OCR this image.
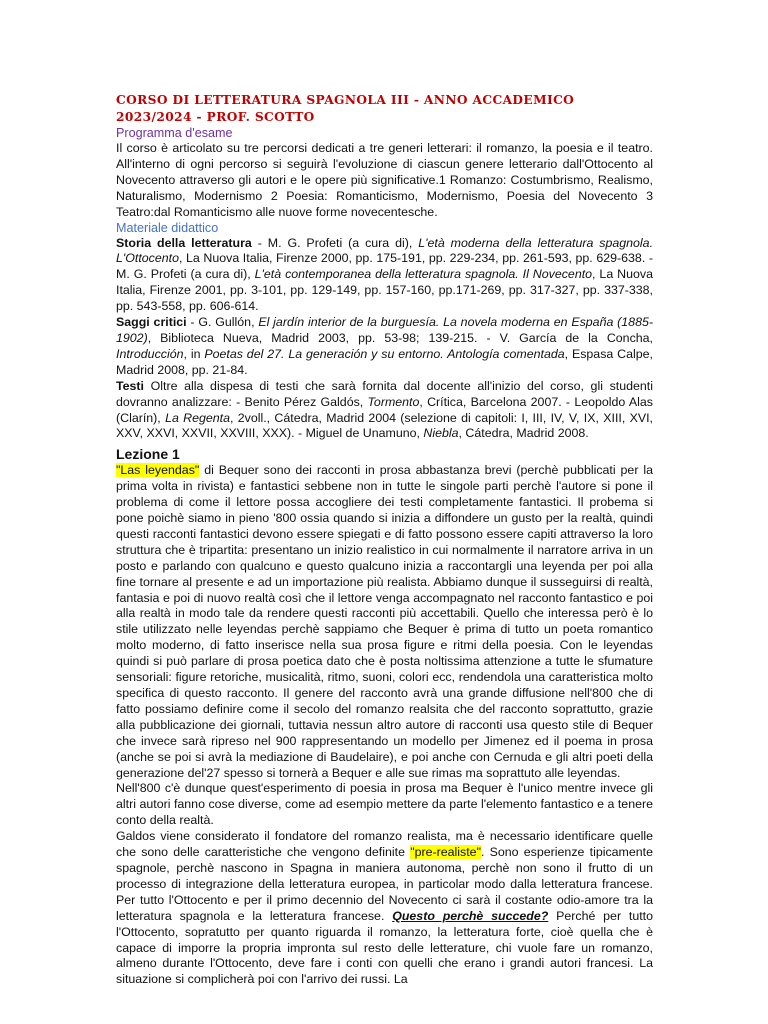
CORSO DI LETTERATURA SPAGNOLA III - ANNO ACCADEMICO 2023/2024 - PROF. SCOTTO
Programma d'esame

Il corso è articolato su tre percorsi dedicati a tre generi letterari: il romanzo, la poesia e il teatro. All'interno di ogni percorso si seguirà l'evoluzione di ciascun genere letterario dall'Ottocento al Novecento attraverso gli autori e le opere più significative.1 Romanzo: Costumbrismo, Realismo, Naturalismo, Modernismo 2 Poesia: Romanticismo, Modernismo, Poesia del Novecento 3 Teatro:dal Romanticismo alle nuove forme novecentesche.

Materiale didattico

Storia della letteratura - M. G. Profeti (a cura di), L'età moderna della letteratura spagnola. L'Ottocento, La Nuova Italia, Firenze 2000, pp. 175-191, pp. 229-234, pp. 261-593, pp. 629-638. - M. G. Profeti (a cura di), L'età contemporanea della letteratura spagnola. Il Novecento, La Nuova Italia, Firenze 2001, pp. 3-101, pp. 129-149, pp. 157-160, pp.171-269, pp. 317-327, pp. 337-338, pp. 543-558, pp. 606-614.

Saggi critici - G. Gullón, El jardín interior de la burguesía. La novela moderna en España (1885-1902), Biblioteca Nueva, Madrid 2003, pp. 53-98; 139-215. - V. García de la Concha, Introducción, in Poetas del 27. La generación y su entorno. Antología comentada, Espasa Calpe, Madrid 2008, pp. 21-84.

Testi Oltre alla dispesa di testi che sarà fornita dal docente all'inizio del corso, gli studenti dovranno analizzare: - Benito Pérez Galdós, Tormento, Crítica, Barcelona 2007. - Leopoldo Alas (Clarín), La Regenta, 2voll., Cátedra, Madrid 2004 (selezione di capitoli: I, III, IV, V, IX, XIII, XVI, XXV, XXVI, XXVII, XXVIII, XXX). - Miguel de Unamuno, Niebla, Cátedra, Madrid 2008.

Lezione 1

"Las leyendas" di Bequer sono dei racconti in prosa abbastanza brevi (perchè pubblicati per la prima volta in rivista) e fantastici sebbene non in tutte le singole parti perchè l'autore si pone il problema di come il lettore possa accogliere dei testi completamente fantastici. Il probema si pone poichè siamo in pieno '800 ossia quando si inizia a diffondere un gusto per la realtà, quindi questi racconti fantastici devono essere spiegati e di fatto possono essere capiti attraverso la loro struttura che è tripartita: presentano un inizio realistico in cui normalmente il narratore arriva in un posto e parlando con qualcuno e questo qualcuno inizia a raccontargli una leyenda per poi alla fine tornare al presente e ad un importazione più realista. Abbiamo dunque il susseguirsi di realtà, fantasia e poi di nuovo realtà così che il lettore venga accompagnato nel racconto fantastico e poi alla realtà in modo tale da rendere questi racconti più accettabili. Quello che interessa però è lo stile utilizzato nelle leyendas perchè sappiamo che Bequer è prima di tutto un poeta romantico molto moderno, di fatto inserisce nella sua prosa figure e ritmi della poesia. Con le leyendas quindi si può parlare di prosa poetica dato che è posta noltissima attenzione a tutte le sfumature sensoriali: figure retoriche, musicalità, ritmo, suoni, colori ecc, rendendola una caratteristica molto specifica di questo racconto. Il genere del racconto avrà una grande diffusione nell'800 che di fatto possiamo definire come il secolo del romanzo realsita che del racconto soprattutto, grazie alla pubblicazione dei giornali, tuttavia nessun altro autore di racconti usa questo stile di Bequer che invece sarà ripreso nel 900 rappresentando un modello per Jimenez ed il poema in prosa (anche se poi si avrà la mediazione di Baudelaire), e poi anche con Cernuda e gli altri poeti della generazione del'27 spesso si tornerà a Bequer e alle sue rimas ma soprattuto alle leyendas.

Nell'800 c'è dunque quest'esperimento di poesia in prosa ma Bequer è l'unico mentre invece gli altri autori fanno cose diverse, come ad esempio mettere da parte l'elemento fantastico e a tenere conto della realtà.

Galdos viene considerato il fondatore del romanzo realista, ma è necessario identificare quelle che sono delle caratteristiche che vengono definite "pre-realiste". Sono esperienze tipicamente spagnole, perchè nascono in Spagna in maniera autonoma, perchè non sono il frutto di un processo di integrazione della letteratura europea, in particolar modo dalla letteratura francese. Per tutto l'Ottocento e per il primo decennio del Novecento ci sarà il costante odio-amore tra la letteratura spagnola e la letteratura francese. Questo perchè succede? Perché per tutto l'Ottocento, sopratutto per quanto riguarda il romanzo, la letteratura forte, cioè quella che è capace di imporre la propria impronta sul resto delle letterature, chi vuole fare un romanzo, almeno durante l'Ottocento, deve fare i conti con quelli che erano i grandi autori francesi. La situazione si complicherà poi con l'arrivo dei russi. La
